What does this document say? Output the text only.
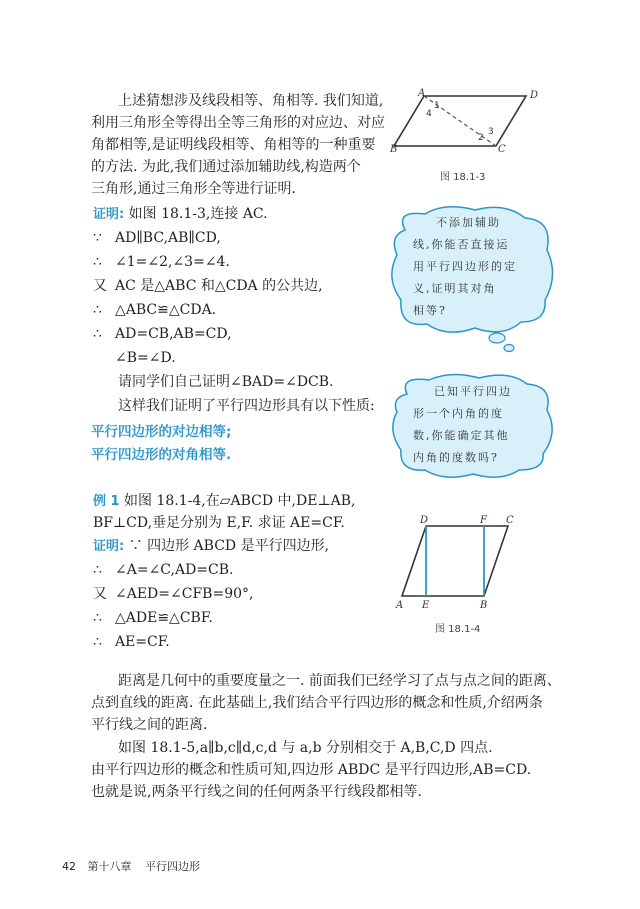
上述猜想涉及线段相等、角相等. 我们知道,
利用三角形全等得出全等三角形的对应边、对应
角都相等,是证明线段相等、角相等的一种重要
的方法. 为此,我们通过添加辅助线,构造两个
三角形,通过三角形全等进行证明.
证明: 如图 18.1-3,连接 AC.
∵ AD∥BC,AB∥CD,
∴ ∠1=∠2,∠3=∠4.
又 AC 是△ABC 和△CDA 的公共边,
∴ △ABC≌△CDA.
∴ AD=CB,AB=CD,
∠B=∠D.
请同学们自己证明∠BAD=∠DCB.
这样我们证明了平行四边形具有以下性质:
平行四边形的对边相等;
平行四边形的对角相等.
例 1 如图 18.1-4,在▱ABCD 中,DE⊥AB,
BF⊥CD,垂足分别为 E,F. 求证 AE=CF.
证明: ∵ 四边形 ABCD 是平行四边形,
∴ ∠A=∠C,AD=CB.
又 ∠AED=∠CFB=90°,
∴ △ADE≌△CBF.
∴ AE=CF.
距离是几何中的重要度量之一. 前面我们已经学习了点与点之间的距离、
点到直线的距离. 在此基础上,我们结合平行四边形的概念和性质,介绍两条
平行线之间的距离.
如图 18.1-5,a∥b,c∥d,c,d 与 a,b 分别相交于 A,B,C,D 四点.
由平行四边形的概念和性质可知,四边形 ABDC 是平行四边形,AB=CD.
也就是说,两条平行线之间的任何两条平行线段都相等.
A	D
B	C
1
4
2
3
图 18.1-3
不添加辅助
线,你能否直接运
用平行四边形的定
义,证明其对角
相等?
已知平行四边
形一个内角的度
数,你能确定其他
内角的度数吗?
D	F C
A E	B
图 18.1-4
42 第十八章 平行四边形
